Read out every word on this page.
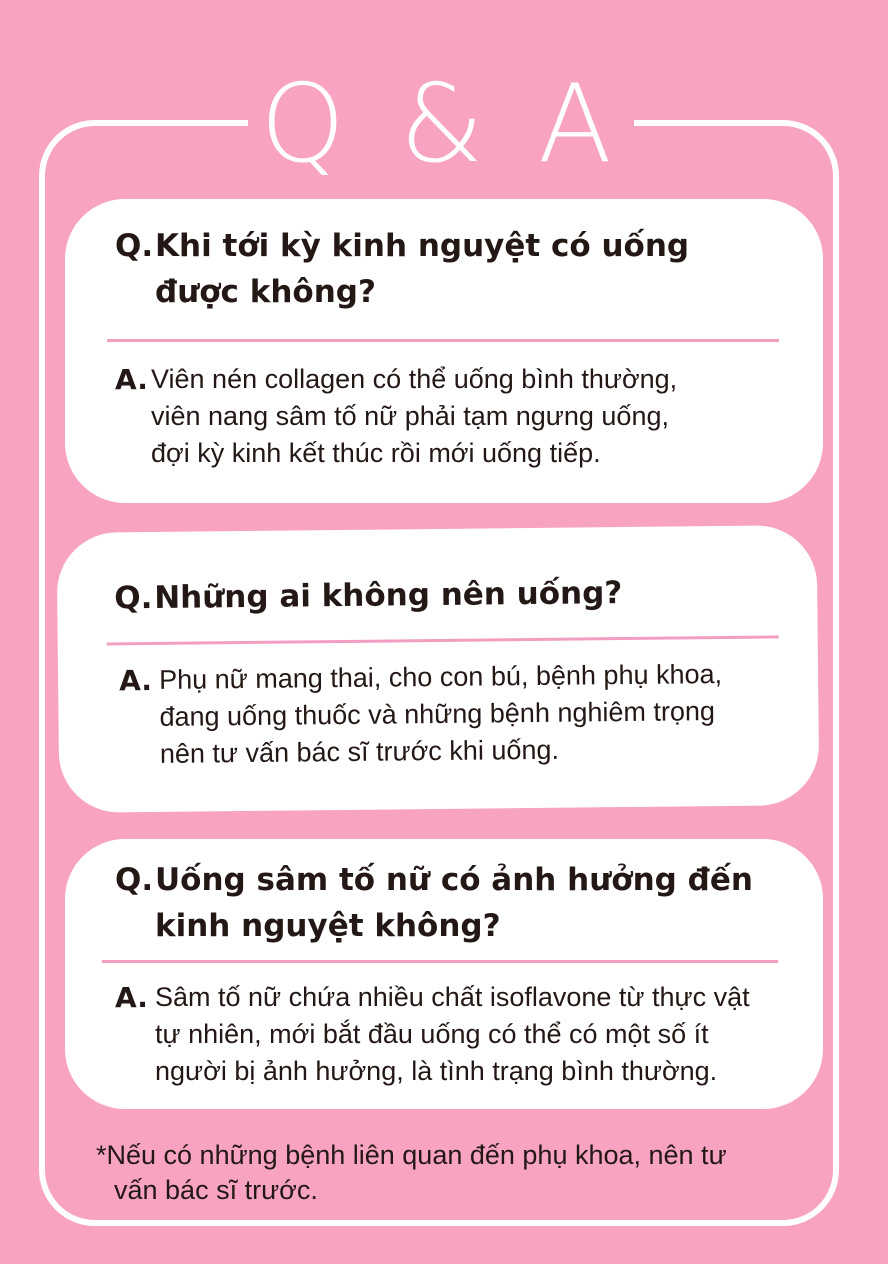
Q & A
Q.Khi tới kỳ kinh nguyệt có uống
được không?
A. Viên nén collagen có thể uống bình thường,
viên nang sâm tố nữ phải tạm ngưng uống,
đợi kỳ kinh kết thúc rồi mới uống tiếp.
Q.Những ai không nên uống?
A. Phụ nữ mang thai, cho con bú, bệnh phụ khoa,
đang uống thuốc và những bệnh nghiêm trọng
nên tư vấn bác sĩ trước khi uống.
Q.Uống sâm tố nữ có ảnh hưởng đến
kinh nguyệt không?
A. Sâm tố nữ chứa nhiều chất isoflavone từ thực vật
tự nhiên, mới bắt đầu uống có thể có một số ít
người bị ảnh hưởng, là tình trạng bình thường.
*Nếu có những bệnh liên quan đến phụ khoa, nên tư
vấn bác sĩ trước.
